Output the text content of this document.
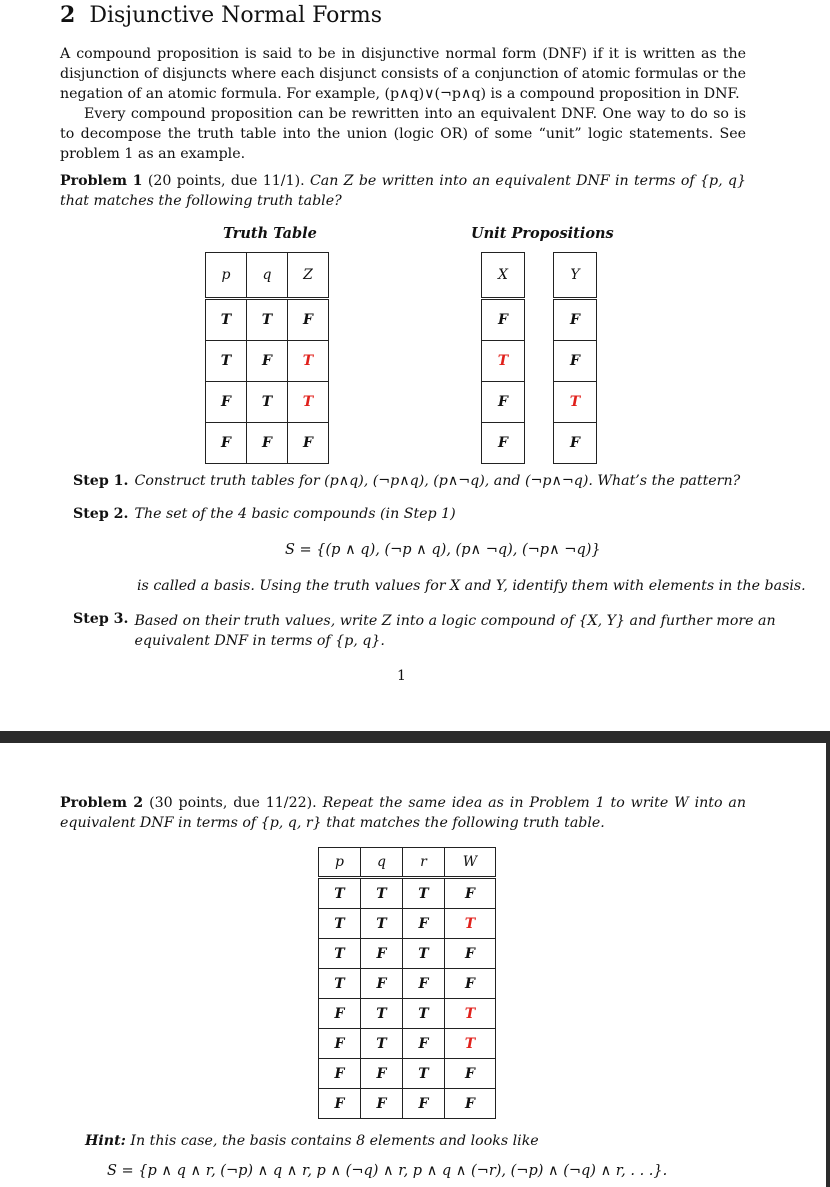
2 Disjunctive Normal Forms

A compound proposition is said to be in disjunctive normal form (DNF) if it is written as the disjunction of disjuncts where each disjunct consists of a conjunction of atomic formulas or the negation of an atomic formula. For example, (p∧q)∨(¬p∧q) is a compound proposition in DNF.

Every compound proposition can be rewritten into an equivalent DNF. One way to do so is to decompose the truth table into the union (logic OR) of some “unit” logic statements. See problem 1 as an example.

Problem 1 (20 points, due 11/1). Can Z be written into an equivalent DNF in terms of {p, q} that matches the following truth table?

Truth Table	Unit Propositions
p	q	Z
T	T	F
T	F	T
F	T	T
F	F	F
X
F
T
F
F
Y
F
F
T
F
Step 1. Construct truth tables for (p∧q), (¬p∧q), (p∧¬q), and (¬p∧¬q). What’s the pattern?
Step 2. The set of the 4 basic compounds (in Step 1)
S = {(p ∧ q), (¬p ∧ q), (p∧ ¬q), (¬p∧ ¬q)}
is called a basis. Using the truth values for X and Y, identify them with elements in the basis.
Step 3. Based on their truth values, write Z into a logic compound of {X, Y} and further more an equivalent DNF in terms of {p, q}.
1

Problem 2 (30 points, due 11/22). Repeat the same idea as in Problem 1 to write W into an equivalent DNF in terms of {p, q, r} that matches the following truth table.

p	q	r	W
T	T	T	F
T	T	F	T
T	F	T	F
T	F	F	F
F	T	T	T
F	T	F	T
F	F	T	F
F	F	F	F
Hint: In this case, the basis contains 8 elements and looks like
S = {p ∧ q ∧ r, (¬p) ∧ q ∧ r, p ∧ (¬q) ∧ r, p ∧ q ∧ (¬r), (¬p) ∧ (¬q) ∧ r, . . .}.
